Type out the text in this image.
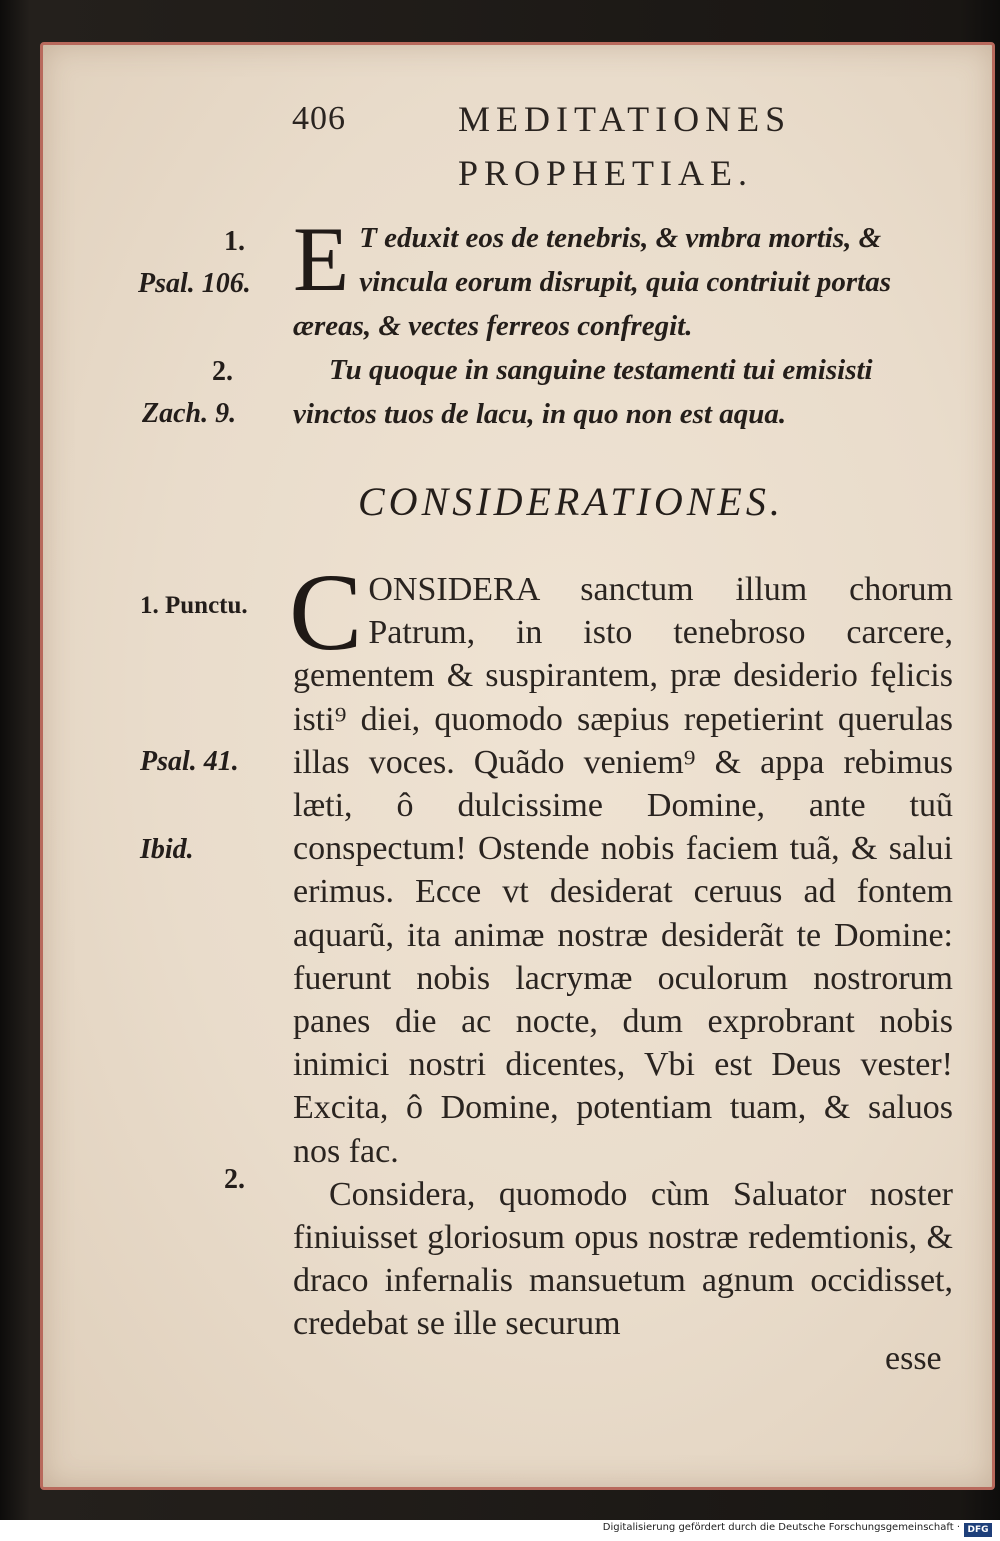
406	MEDITATIONES
PROPHETIAE.
1.
Psal. 106.
2.
Zach. 9.
1. Punctu.
Psal. 41.
Ibid.
2.
E T eduxit eos de tenebris, & vmbra mortis, & vincula eorum disrupit, quia contriuit portas æreas, & vectes ferreos confregit.

Tu quoque in sanguine testamenti tui emisisti vinctos tuos de lacu, in quo non est aqua.

CONSIDERATIONES.
C ONSIDERA sanctum illum chorum Patrum, in isto tenebroso carcere, gementem & suspirantem, præ desiderio fęlicis isti⁹ diei, quomodo sæpius repetierint querulas illas voces. Quãdo veniem⁹ & appa rebimus læti, ô dulcissime Domine, ante tuũ conspectum! Ostende nobis faciem tuã, & salui erimus. Ecce vt desiderat ceruus ad fontem aquarũ, ita animæ nostræ desiderãt te Domine: fuerunt nobis lacrymæ oculorum nostrorum panes die ac nocte, dum exprobrant nobis inimici nostri dicentes, Vbi est Deus vester! Excita, ô Domine, potentiam tuam, & saluos nos fac.

Considera, quomodo cùm Saluator noster finiuisset gloriosum opus nostræ redemtionis, & draco infernalis mansuetum agnum occidisset, credebat se ille securum

esse
Digitalisierung gefördert durch die Deutsche Forschungsgemeinschaft · DFG
